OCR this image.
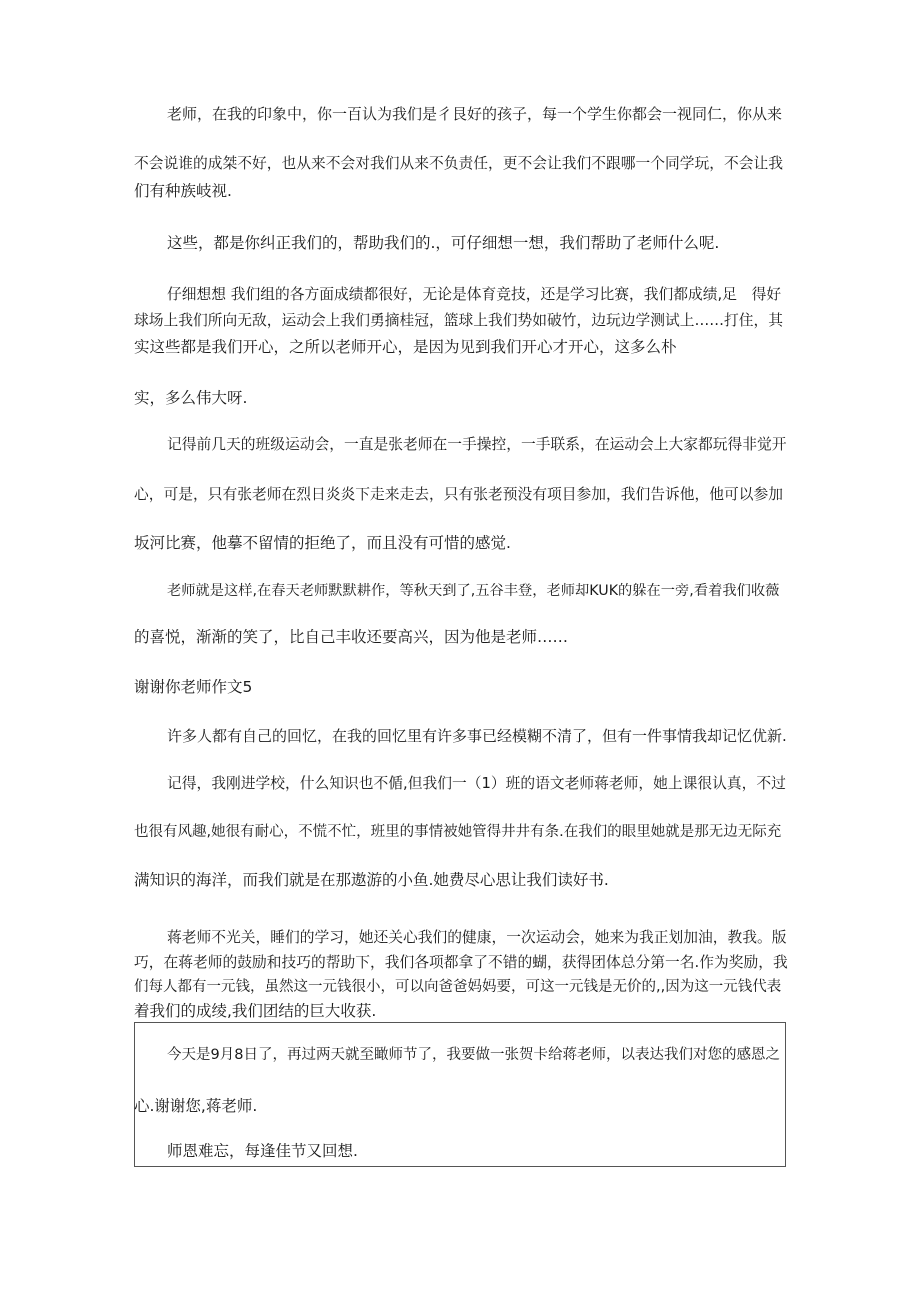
老师，在我的印象中，你一百认为我们是彳艮好的孩子，每一个学生你都会一视同仁，你从来
不会说谁的成桀不好，也从来不会对我们从来不负责任，更不会让我们不跟哪一个同学玩，不会让我
们有种族岐视.
这些，都是你纠正我们的，帮助我们的.，可仔细想一想，我们帮助了老师什么呢.
仔细想想 我们组的各方面成绩都很好，无论是体育竞技，还是学习比赛，我们都成绩,足　得好
球场上我们所向无敌，运动会上我们勇摘桂冠，篮球上我们势如破竹，边玩边学测试上……打住，其
实这些都是我们开心，之所以老师开心，是因为见到我们开心才开心，这多么朴
实，多么伟大呀.
记得前几天的班级运动会，一直是张老师在一手操控，一手联系，在运动会上大家都玩得非觉开
心，可是，只有张老师在烈日炎炎下走来走去，只有张老预没有项目参加，我们告诉他，他可以参加
坂河比赛，他摹不留情的拒绝了，而且没有可惜的感觉.
老师就是这样,在春天老师默默耕作，等秋天到了,五谷丰登，老师却KUK的躲在一旁,看着我们收薇
的喜悦，渐渐的笑了，比自己丰收还要高兴，因为他是老师……
谢谢你老师作文5
许多人都有自己的回忆，在我的回忆里有许多事已经模糊不清了，但有一件事情我却记忆优新.
记得，我刚进学校，什么知识也不偱,但我们一（1）班的语文老师蒋老师，她上课很认真，不过
也很有风趣,她很有耐心，不慌不忙，班里的事情被她管得井井有条.在我们的眼里她就是那无边无际充
满知识的海洋，而我们就是在那遨游的小鱼.她费尽心思让我们读好书.
蒋老师不光关，睡们的学习，她还关心我们的健康，一次运动会，她来为我正划加油，教我。版
巧，在蒋老师的鼓励和技巧的帮助下，我们各项都拿了不错的蝴，获得团体总分第一名.作为奖励，我
们每人都有一元钱，虽然这一元钱很小，可以向爸爸妈妈要，可这一元钱是无价的,,因为这一元钱代表
着我们的成绫,我们团结的巨大收获.
今天是9月8日了，再过两天就至瞰师节了，我要做一张贺卡给蒋老师，以表达我们对您的感恩之
心.谢谢您,蒋老师.
师恩难忘，每逢佳节又回想.
